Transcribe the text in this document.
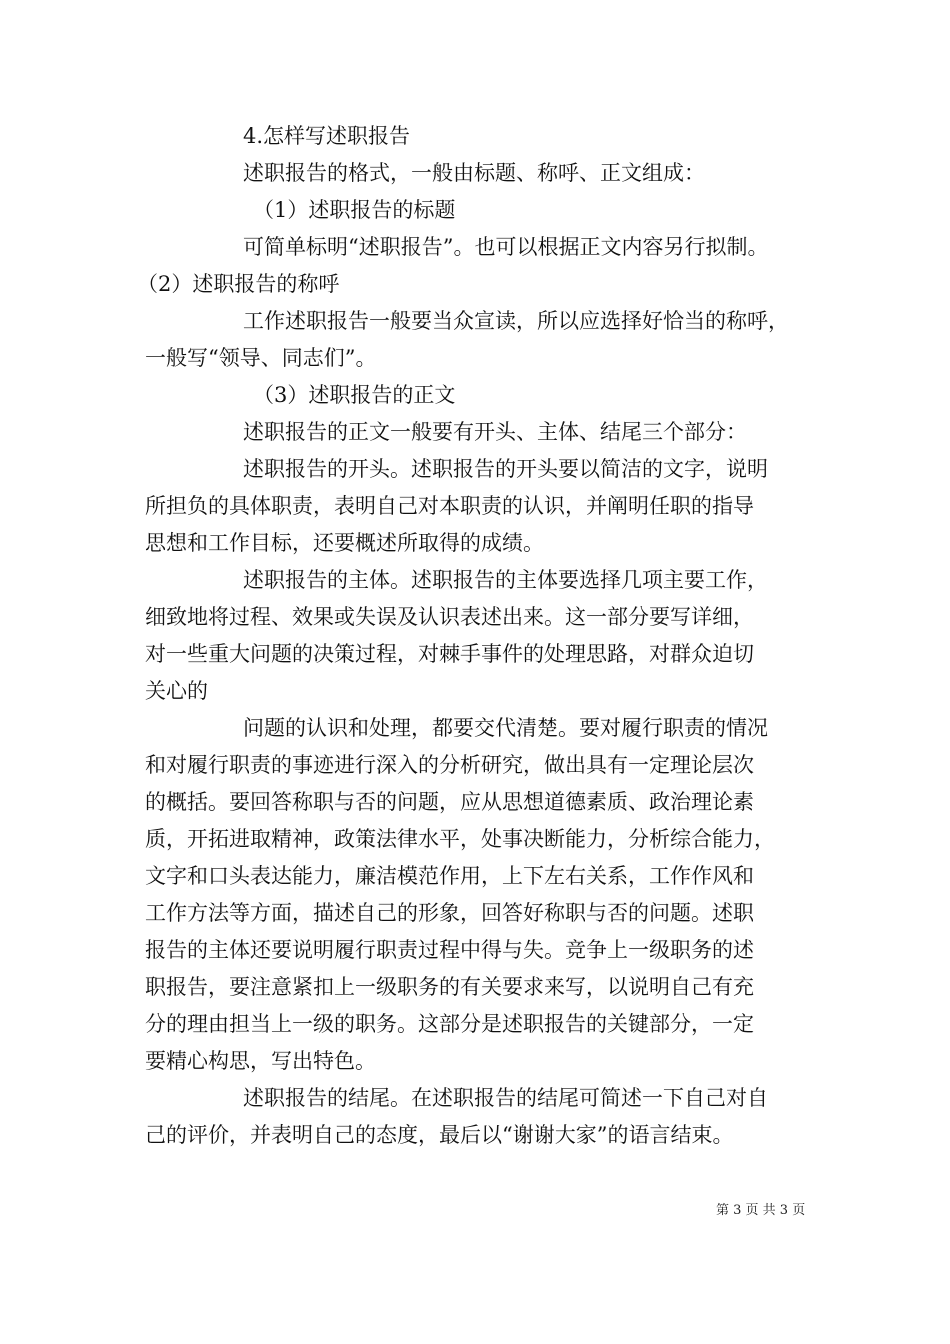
4.怎样写述职报告
述职报告的格式，一般由标题、称呼、正文组成：
（1）述职报告的标题
可简单标明“述职报告”。也可以根据正文内容另行拟制。
（2）述职报告的称呼
工作述职报告一般要当众宣读，所以应选择好恰当的称呼，
一般写“领导、同志们”。
（3）述职报告的正文
述职报告的正文一般要有开头、主体、结尾三个部分：
述职报告的开头。述职报告的开头要以简洁的文字，说明
所担负的具体职责，表明自己对本职责的认识，并阐明任职的指导
思想和工作目标，还要概述所取得的成绩。
述职报告的主体。述职报告的主体要选择几项主要工作，
细致地将过程、效果或失误及认识表述出来。这一部分要写详细，
对一些重大问题的决策过程，对棘手事件的处理思路，对群众迫切
关心的
问题的认识和处理，都要交代清楚。要对履行职责的情况
和对履行职责的事迹进行深入的分析研究，做出具有一定理论层次
的概括。要回答称职与否的问题，应从思想道德素质、政治理论素
质，开拓进取精神，政策法律水平，处事决断能力，分析综合能力，
文字和口头表达能力，廉洁模范作用，上下左右关系，工作作风和
工作方法等方面，描述自己的形象，回答好称职与否的问题。述职
报告的主体还要说明履行职责过程中得与失。竞争上一级职务的述
职报告，要注意紧扣上一级职务的有关要求来写，以说明自己有充
分的理由担当上一级的职务。这部分是述职报告的关键部分，一定
要精心构思，写出特色。
述职报告的结尾。在述职报告的结尾可简述一下自己对自
己的评价，并表明自己的态度，最后以“谢谢大家”的语言结束。
第 3 页 共 3 页
